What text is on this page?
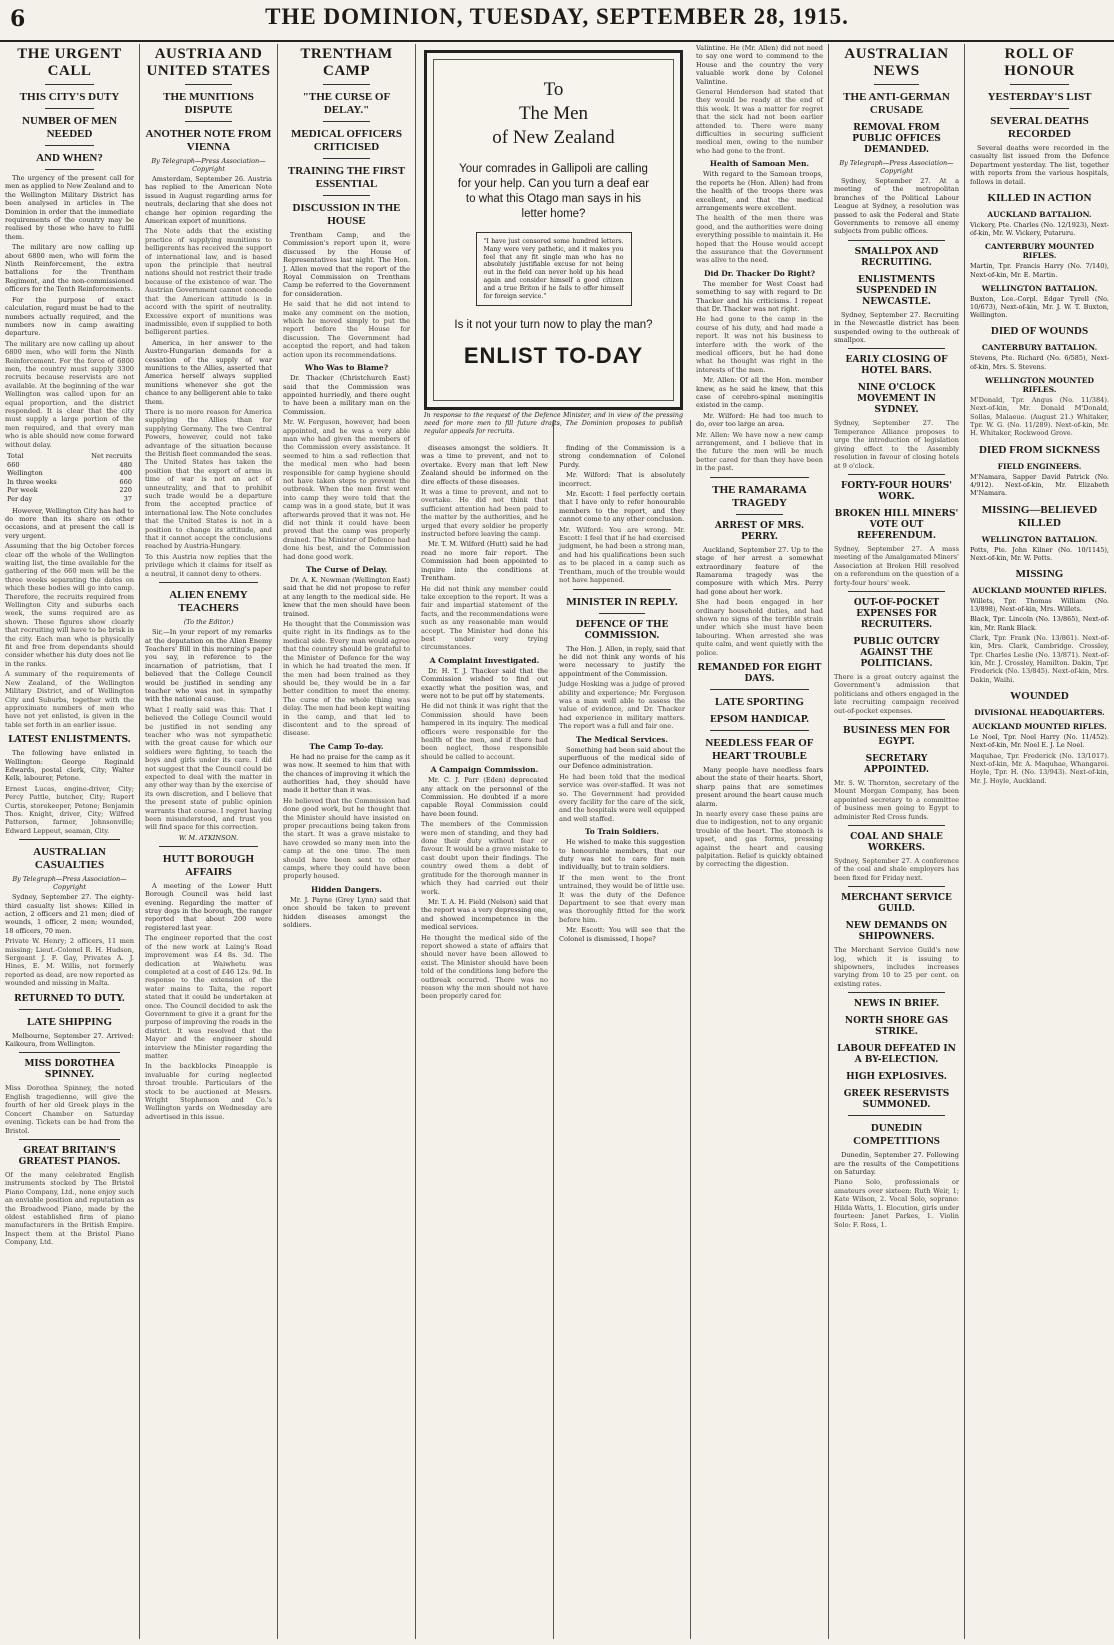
6	THE DOMINION, TUESDAY, SEPTEMBER 28, 1915.
THE URGENT CALL
THIS CITY'S DUTY
NUMBER OF MEN NEEDED
AND WHEN?

The urgency of the present call for men as applied to New Zealand and to the Wellington Military District has been analysed in articles in The Dominion in order that the immediate requirements of the country may be realised by those who have to fulfil them.

The military are now calling up about 6800 men, who will form the Ninth Reinforcement, the extra battalions for the Trentham Regiment, and the non-commissioned officers for the Tenth Reinforcements.

For the purpose of exact calculation, regard must be had to the numbers actually required, and the numbers now in camp awaiting departure.

The military are now calling up about 6800 men, who will form the Ninth Reinforcement. For the force of 6800 men, the country must supply 3300 recruits because reservists are not available. At the beginning of the war Wellington was called upon for an equal proportion, and the district responded. It is clear that the city must supply a large portion of the men required, and that every man who is able should now come forward without delay.
Total	Net recruits
660	480
Wellington	400
In three weeks	660
Per week	220
Per day	37

However, Wellington City has had to do more than its share on other occasions, and at present the call is very urgent.

Assuming that the big October forces clear off the whole of the Wellington waiting list, the time available for the gathering of the 660 men will be the three weeks separating the dates on which these bodies will go into camp. Therefore, the recruits required from Wellington City and suburbs each week, the sums required are as shown. These figures show clearly that recruiting will have to be brisk in the city. Each man who is physically fit and free from dependants should consider whether his duty does not lie in the ranks.
A summary of the requirements of New Zealand, of the Wellington Military District, and of Wellington City and Suburbs, together with the approximate numbers of men who have not yet enlisted, is given in the table set forth in an earlier issue.
LATEST ENLISTMENTS.

The following have enlisted in Wellington: George Reginald Edwards, postal clerk, City; Walter Kelk, labourer, Petone.

Ernest Lucas, engine-driver, City; Percy Pattle, butcher, City; Rupert Curtis, storekeeper, Petone; Benjamin Thos. Knight, driver, City; Wilfred Patterson, farmer, Johnsonville; Edward Leppeut, seaman, City.
AUSTRALIAN CASUALTIES
By Telegraph—Press Association—Copyright

Sydney, September 27. The eighty-third casualty list shows: Killed in action, 2 officers and 21 men; died of wounds, 1 officer, 2 men; wounded, 18 officers, 70 men.

Private W. Henry; 2 officers, 11 men missing; Lieut.-Colonel R. H. Hudson, Sergeant J. F. Gay, Privates A. J. Hines, E. M. Willis, not formerly reported as dead, are now reported as wounded and missing in Malta.
RETURNED TO DUTY.
LATE SHIPPING

Melbourne, September 27. Arrived: Kaikoura, from Wellington.

MISS DOROTHEA SPINNEY.
Miss Dorothea Spinney, the noted English tragedienne, will give the fourth of her old Greek plays in the Concert Chamber on Saturday evening. Tickets can be had from the Bristol.
GREAT BRITAIN'S GREATEST PIANOS.
Of the many celebrated English instruments stocked by The Bristol Piano Company, Ltd., none enjoy such an enviable position and reputation as the Broadwood Piano, made by the oldest established firm of piano manufacturers in the British Empire. Inspect them at the Bristol Piano Company, Ltd.
AUSTRIA AND UNITED STATES
THE MUNITIONS DISPUTE
ANOTHER NOTE FROM VIENNA
By Telegraph—Press Association—Copyright

Amsterdam, September 26. Austria has replied to the American Note issued in August regarding arms for neutrals, declaring that she does not change her opinion regarding the American export of munitions.

The Note adds that the existing practice of supplying munitions to belligerents has received the support of international law, and is based upon the principle that neutral nations should not restrict their trade because of the existence of war. The Austrian Government cannot concede that the American attitude is in accord with the spirit of neutrality. Excessive export of munitions was inadmissible, even if supplied to both belligerent parties.

America, in her answer to the Austro-Hungarian demands for a cessation of the supply of war munitions to the Allies, asserted that America herself always supplied munitions whenever she got the chance to any belligerent able to take them.

There is no more reason for America supplying the Allies than for supplying Germany. The two Central Powers, however, could not take advantage of the situation because the British fleet commanded the seas. The United States has taken the position that the export of arms in time of war is not an act of unneutrality, and that to prohibit such trade would be a departure from the accepted practice of international law. The Note concludes that the United States is not in a position to change its attitude, and that it cannot accept the conclusions reached by Austria-Hungary.
To this Austria now replies that the privilege which it claims for itself as a neutral, it cannot deny to others.
ALIEN ENEMY TEACHERS
(To the Editor.)

Sir,—In your report of my remarks at the deputation on the Alien Enemy Teachers' Bill in this morning's paper you say, in reference to the incarnation of patriotism, that I believed that the College Council would be justified in sending any teacher who was not in sympathy with the national cause.

What I really said was this: That I believed the College Council would be justified in not sending any teacher who was not sympathetic with the great cause for which our soldiers were fighting, to teach the boys and girls under its care. I did not suggest that the Council could be expected to deal with the matter in any other way than by the exercise of its own discretion, and I believe that the present state of public opinion warrants that course. I regret having been misunderstood, and trust you will find space for this correction.
W. M. ATKINSON.
HUTT BOROUGH AFFAIRS

A meeting of the Lower Hutt Borough Council was held last evening. Regarding the matter of stray dogs in the borough, the ranger reported that about 200 were registered last year.

The engineer reported that the cost of the new work at Laing's Road improvement was £4 8s. 3d. The dedication at Waiwhetu was completed at a cost of £46 12s. 9d. In response to the extension of the water mains to Taita, the report stated that it could be undertaken at once. The Council decided to ask the Government to give it a grant for the purpose of improving the roads in the district. It was resolved that the Mayor and the engineer should interview the Minister regarding the matter.
In the backblocks Pineapple is invaluable for curing neglected throat trouble. Particulars of the stock to be auctioned at Messrs. Wright Stephenson and Co.'s Wellington yards on Wednesday are advertised in this issue.
TRENTHAM CAMP
"THE CURSE OF DELAY."
MEDICAL OFFICERS CRITICISED
TRAINING THE FIRST ESSENTIAL
DISCUSSION IN THE HOUSE

Trentham Camp, and the Commission's report upon it, were discussed by the House of Representatives last night. The Hon. J. Allen moved that the report of the Royal Commission on Trentham Camp be referred to the Government for consideration.

He said that he did not intend to make any comment on the motion, which he moved simply to put the report before the House for discussion. The Government had accepted the report, and had taken action upon its recommendations.
Who Was to Blame?

Dr. Thacker (Christchurch East) said that the Commission was appointed hurriedly, and there ought to have been a military man on the Commission.

Mr. W. Ferguson, however, had been appointed, and he was a very able man who had given the members of the Commission every assistance. It seemed to him a sad reflection that the medical men who had been responsible for camp hygiene should not have taken steps to prevent the outbreak. When the men first went into camp they were told that the camp was in a good state, but it was afterwards proved that it was not. He did not think it could have been proved that the camp was properly drained. The Minister of Defence had done his best, and the Commission had done good work.
The Curse of Delay.

Dr. A. K. Newman (Wellington East) said that he did not propose to refer at any length to the medical side. He knew that the men should have been trained.

He thought that the Commission was quite right in its findings as to the medical side. Every man would agree that the country should be grateful to the Minister of Defence for the way in which he had treated the men. If the men had been trained as they should be, they would be in a far better condition to meet the enemy. The curse of the whole thing was delay. The men had been kept waiting in the camp, and that led to discontent and to the spread of disease.
The Camp To-day.

He had no praise for the camp as it was now. It seemed to him that with the chances of improving it which the authorities had, they should have made it better than it was.

He believed that the Commission had done good work, but he thought that the Minister should have insisted on proper precautions being taken from the start. It was a grave mistake to have crowded so many men into the camp at the one time. The men should have been sent to other camps, where they could have been properly housed.
Hidden Dangers.

Mr. J. Payne (Grey Lynn) said that once should be taken to prevent hidden diseases amongst the soldiers.

To
The Men
of New Zealand
Your comrades in Gallipoli are calling for your help. Can you turn a deaf ear to what this Otago man says in his letter home?
"I have just censored some hundred letters. Many were very pathetic, and it makes you feel that any fit single man who has no absolutely justifiable excuse for not being out in the field can never hold up his head again and consider himself a good citizen and a true Briton if he fails to offer himself for foreign service."
Is it not your turn now to play the man?
ENLIST TO-DAY
In response to the request of the Defence Minister, and in view of the pressing need for more men to fill future drafts, The Dominion proposes to publish regular appeals for recruits.

diseases amongst the soldiers. It was a time to prevent, and not to overtake. Every man that left New Zealand should be informed on the dire effects of these diseases.

It was a time to prevent, and not to overtake. He did not think that sufficient attention had been paid to the matter by the authorities, and he urged that every soldier be properly instructed before leaving the camp.

Mr. T. M. Wilford (Hutt) said he had read no more fair report. The Commission had been appointed to inquire into the conditions at Trentham.

He did not think any member could take exception to the report. It was a fair and impartial statement of the facts, and the recommendations were such as any reasonable man would accept. The Minister had done his best under very trying circumstances.
A Complaint Investigated.

Dr. H. T. J. Thacker said that the Commission wished to find out exactly what the position was, and were not to be put off by statements.

He did not think it was right that the Commission should have been hampered in its inquiry. The medical officers were responsible for the health of the men, and if there had been neglect, those responsible should be called to account.
A Campaign Commission.

Mr. C. J. Parr (Eden) deprecated any attack on the personnel of the Commission. He doubted if a more capable Royal Commission could have been found.

The members of the Commission were men of standing, and they had done their duty without fear or favour. It would be a grave mistake to cast doubt upon their findings. The country owed them a debt of gratitude for the thorough manner in which they had carried out their work.

Mr. T. A. H. Field (Nelson) said that the report was a very depressing one, and showed incompetence in the medical services.

He thought the medical side of the report showed a state of affairs that should never have been allowed to exist. The Minister should have been told of the conditions long before the outbreak occurred. There was no reason why the men should not have been properly cared for.

finding of the Commission is a strong condemnation of Colonel Purdy.

Mr. Wilford: That is absolutely incorrect.

Mr. Escott: I feel perfectly certain that I have only to refer honourable members to the report, and they cannot come to any other conclusion.

Mr. Wilford: You are wrong. Mr. Escott: I feel that if he had exercised judgment, he had been a strong man, and had his qualifications been such as to be placed in a camp such as Trentham, much of the trouble would not have happened.
MINISTER IN REPLY.
DEFENCE OF THE COMMISSION.

The Hon. J. Allen, in reply, said that he did not think any words of his were necessary to justify the appointment of the Commission.

Judge Hosking was a judge of proved ability and experience; Mr. Ferguson was a man well able to assess the value of evidence, and Dr. Thacker had experience in military matters. The report was a full and fair one.
The Medical Services.

Something had been said about the superfluous of the medical side of our Defence administration.

He had been told that the medical service was over-staffed. It was not so. The Government had provided every facility for the care of the sick, and the hospitals were well equipped and well staffed.
To Train Soldiers.

He wished to make this suggestion to honourable members, that our duty was not to care for men individually, but to train soldiers.

If the men went to the front untrained, they would be of little use. It was the duty of the Defence Department to see that every man was thoroughly fitted for the work before him.

Mr. Escott: You will see that the Colonel is dismissed, I hope?

Valintine. He (Mr. Allen) did not need to say one word to commend to the House and the country the very valuable work done by Colonel Valintine.

General Henderson had stated that they would be ready at the end of this week. It was a matter for regret that the sick had not been earlier attended to. There were many difficulties in securing sufficient medical men, owing to the number who had gone to the front.
Health of Samoan Men.

With regard to the Samoan troops, the reports he (Hon. Allen) had from the health of the troops there was excellent, and that the medical arrangements were excellent.

The health of the men there was good, and the authorities were doing everything possible to maintain it. He hoped that the House would accept the assurance that the Government was alive to the need.
Did Dr. Thacker Do Right?

The member for West Coast had something to say with regard to Dr. Thacker and his criticisms. I repeat that Dr. Thacker was not right.

He had gone to the camp in the course of his duty, and had made a report. It was not his business to interfere with the work of the medical officers, but he had done what he thought was right in the interests of the men.

Mr. Allen: Of all the Hon. member knew, as he said he knew, that this case of cerebro-spinal meningitis existed in the camp.

Mr. Wilford: He had too much to do, over too large an area.

Mr. Allen: We have now a new camp arrangement, and I believe that in the future the men will be much better cared for than they have been in the past.
THE RAMARAMA TRAGEDY
ARREST OF MRS. PERRY.

Auckland, September 27. Up to the stage of her arrest a somewhat extraordinary feature of the Ramarama tragedy was the composure with which Mrs. Perry had gone about her work.

She had been engaged in her ordinary household duties, and had shown no signs of the terrible strain under which she must have been labouring. When arrested she was quite calm, and went quietly with the police.
REMANDED FOR EIGHT DAYS.
LATE SPORTING
EPSOM HANDICAP.
NEEDLESS FEAR OF HEART TROUBLE

Many people have needless fears about the state of their hearts. Short, sharp pains that are sometimes present around the heart cause much alarm.

In nearly every case these pains are due to indigestion, not to any organic trouble of the heart. The stomach is upset, and gas forms, pressing against the heart and causing palpitation. Relief is quickly obtained by correcting the digestion.
AUSTRALIAN NEWS
THE ANTI-GERMAN CRUSADE
REMOVAL FROM PUBLIC OFFICES DEMANDED.
By Telegraph—Press Association—Copyright

Sydney, September 27. At a meeting of the metropolitan branches of the Political Labour League at Sydney, a resolution was passed to ask the Federal and State Governments to remove all enemy subjects from public offices.

SMALLPOX AND RECRUITING.
ENLISTMENTS SUSPENDED IN NEWCASTLE.

Sydney, September 27. Recruiting in the Newcastle district has been suspended owing to the outbreak of smallpox.

EARLY CLOSING OF HOTEL BARS.
NINE O'CLOCK MOVEMENT IN SYDNEY.
Sydney, September 27. The Temperance Alliance proposes to urge the introduction of legislation giving effect to the Assembly resolution in favour of closing hotels at 9 o'clock.
FORTY-FOUR HOURS' WORK.
BROKEN HILL MINERS' VOTE OUT REFERENDUM.
Sydney, September 27. A mass meeting of the Amalgamated Miners' Association at Broken Hill resolved on a referendum on the question of a forty-four hours' week.
OUT-OF-POCKET EXPENSES FOR RECRUITERS.
PUBLIC OUTCRY AGAINST THE POLITICIANS.
There is a great outcry against the Government's admission that politicians and others engaged in the late recruiting campaign received out-of-pocket expenses.
BUSINESS MEN FOR EGYPT.
SECRETARY APPOINTED.
Mr. S. W. Thornton, secretary of the Mount Morgan Company, has been appointed secretary to a committee of business men going to Egypt to administer Red Cross funds.
COAL AND SHALE WORKERS.
Sydney, September 27. A conference of the coal and shale employers has been fixed for Friday next.
MERCHANT SERVICE GUILD.
NEW DEMANDS ON SHIPOWNERS.
The Merchant Service Guild's new log, which it is issuing to shipowners, includes increases varying from 10 to 25 per cent. on existing rates.
NEWS IN BRIEF.
NORTH SHORE GAS STRIKE.
LABOUR DEFEATED IN A BY-ELECTION.
HIGH EXPLOSIVES.
GREEK RESERVISTS SUMMONED.
DUNEDIN COMPETITIONS

Dunedin, September 27. Following are the results of the Competitions on Saturday.

Piano Solo, professionals or amateurs over sixteen: Ruth Weir, 1; Kate Wilson, 2. Vocal Solo, soprano: Hilda Watts, 1. Elocution, girls under fourteen: Janet Parkes, 1. Violin Solo: F. Ross, 1.
ROLL OF HONOUR
YESTERDAY'S LIST
SEVERAL DEATHS RECORDED

Several deaths were recorded in the casualty list issued from the Defence Department yesterday. The list, together with reports from the various hospitals, follows in detail.

KILLED IN ACTION
AUCKLAND BATTALION.
Vickery, Pte. Charles (No. 12/1923), Next-of-kin, Mr. W. Vickery, Putaruru.
CANTERBURY MOUNTED RIFLES.
Martin, Tpr. Francis Harry (No. 7/140), Next-of-kin, Mr. E. Martin.
WELLINGTON BATTALION.
Buxton, Lce.-Corpl. Edgar Tyrell (No. 10/673), Next-of-kin, Mr. J. W. T. Buxton, Wellington.
DIED OF WOUNDS
CANTERBURY BATTALION.
Stevens, Pte. Richard (No. 6/585), Next-of-kin, Mrs. S. Stevens.
WELLINGTON MOUNTED RIFLES.
M'Donald, Tpr. Angus (No. 11/384). Next-of-kin, Mr. Donald M'Donald, Sollas, Malaeue. (August 21.) Whitaker, Tpr. W. G. (No. 11/289). Next-of-kin, Mr. H. Whitaker, Rockwood Grove.
DIED FROM SICKNESS
FIELD ENGINEERS.
M'Namara, Sapper David Patrick (No. 4/912). Next-of-kin, Mr. Elizabeth M'Namara.
MISSING—BELIEVED KILLED
WELLINGTON BATTALION.
Potts, Pte. John Kilner (No. 10/1145), Next-of-kin, Mr. W. Potts.
MISSING
AUCKLAND MOUNTED RIFLES.
Willets, Tpr. Thomas William (No. 13/898), Next-of-kin, Mrs. Willets.
Black, Tpr. Lincoln (No. 13/865), Next-of-kin, Mr. Rank Black.
Clark, Tpr. Frank (No. 13/861). Next-of-kin, Mrs. Clark, Cambridge. Crossley, Tpr. Charles Leslie (No. 13/871). Next-of-kin, Mr. J. Crossley, Hamilton. Dakin, Tpr. Frederick (No. 13/845). Next-of-kin, Mrs. Dakin, Waihi.
WOUNDED
DIVISIONAL HEADQUARTERS.
AUCKLAND MOUNTED RIFLES.
Le Noel, Tpr. Noel Harry (No. 11/452). Next-of-kin, Mr. Noel E. J. Le Noel.
Maquhae, Tpr. Frederick (No. 13/1017). Next-of-kin, Mr. A. Maquhae, Whangarei. Hoyle, Tpr. H. (No. 13/943). Next-of-kin, Mr. J. Hoyle, Auckland.
